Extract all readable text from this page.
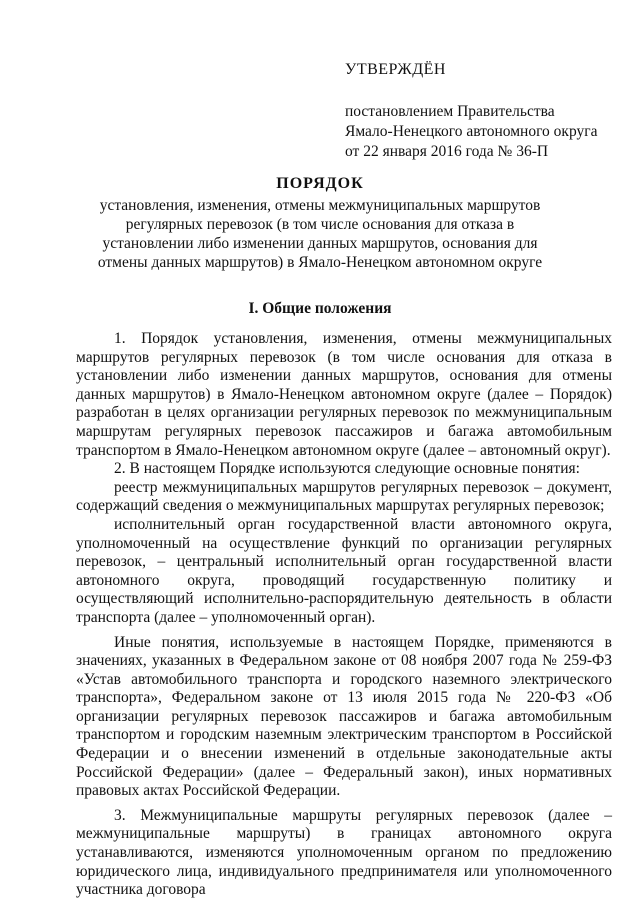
УТВЕРЖДЁН
постановлением Правительства
Ямало-Ненецкого автономного округа
от 22 января 2016 года № 36-П
ПОРЯДОК
установления, изменения, отмены межмуниципальных маршрутов регулярных перевозок (в том числе основания для отказа в установлении либо изменении данных маршрутов, основания для отмены данных маршрутов) в Ямало-Ненецком автономном округе
I. Общие положения

1. Порядок установления, изменения, отмены межмуниципальных маршрутов регулярных перевозок (в том числе основания для отказа в установлении либо изменении данных маршрутов, основания для отмены данных маршрутов) в Ямало-Ненецком автономном округе (далее – Порядок) разработан в целях организации регулярных перевозок по межмуниципальным маршрутам регулярных перевозок пассажиров и багажа автомобильным транспортом в Ямало-Ненецком автономном округе (далее – автономный округ).

2. В настоящем Порядке используются следующие основные понятия:

реестр межмуниципальных маршрутов регулярных перевозок – документ, содержащий сведения о межмуниципальных маршрутах регулярных перевозок;

исполнительный орган государственной власти автономного округа, уполномоченный на осуществление функций по организации регулярных перевозок, – центральный исполнительный орган государственной власти автономного округа, проводящий государственную политику и осуществляющий исполнительно-распорядительную деятельность в области транспорта (далее – уполномоченный орган).

Иные понятия, используемые в настоящем Порядке, применяются в значениях, указанных в Федеральном законе от 08 ноября 2007 года № 259-ФЗ «Устав автомобильного транспорта и городского наземного электрического транспорта», Федеральном законе от 13 июля 2015 года № 220-ФЗ «Об организации регулярных перевозок пассажиров и багажа автомобильным транспортом и городским наземным электрическим транспортом в Российской Федерации и о внесении изменений в отдельные законодательные акты Российской Федерации» (далее – Федеральный закон), иных нормативных правовых актах Российской Федерации.

3. Межмуниципальные маршруты регулярных перевозок (далее – межмуниципальные маршруты) в границах автономного округа устанавливаются, изменяются уполномоченным органом по предложению юридического лица, индивидуального предпринимателя или уполномоченного участника договора
